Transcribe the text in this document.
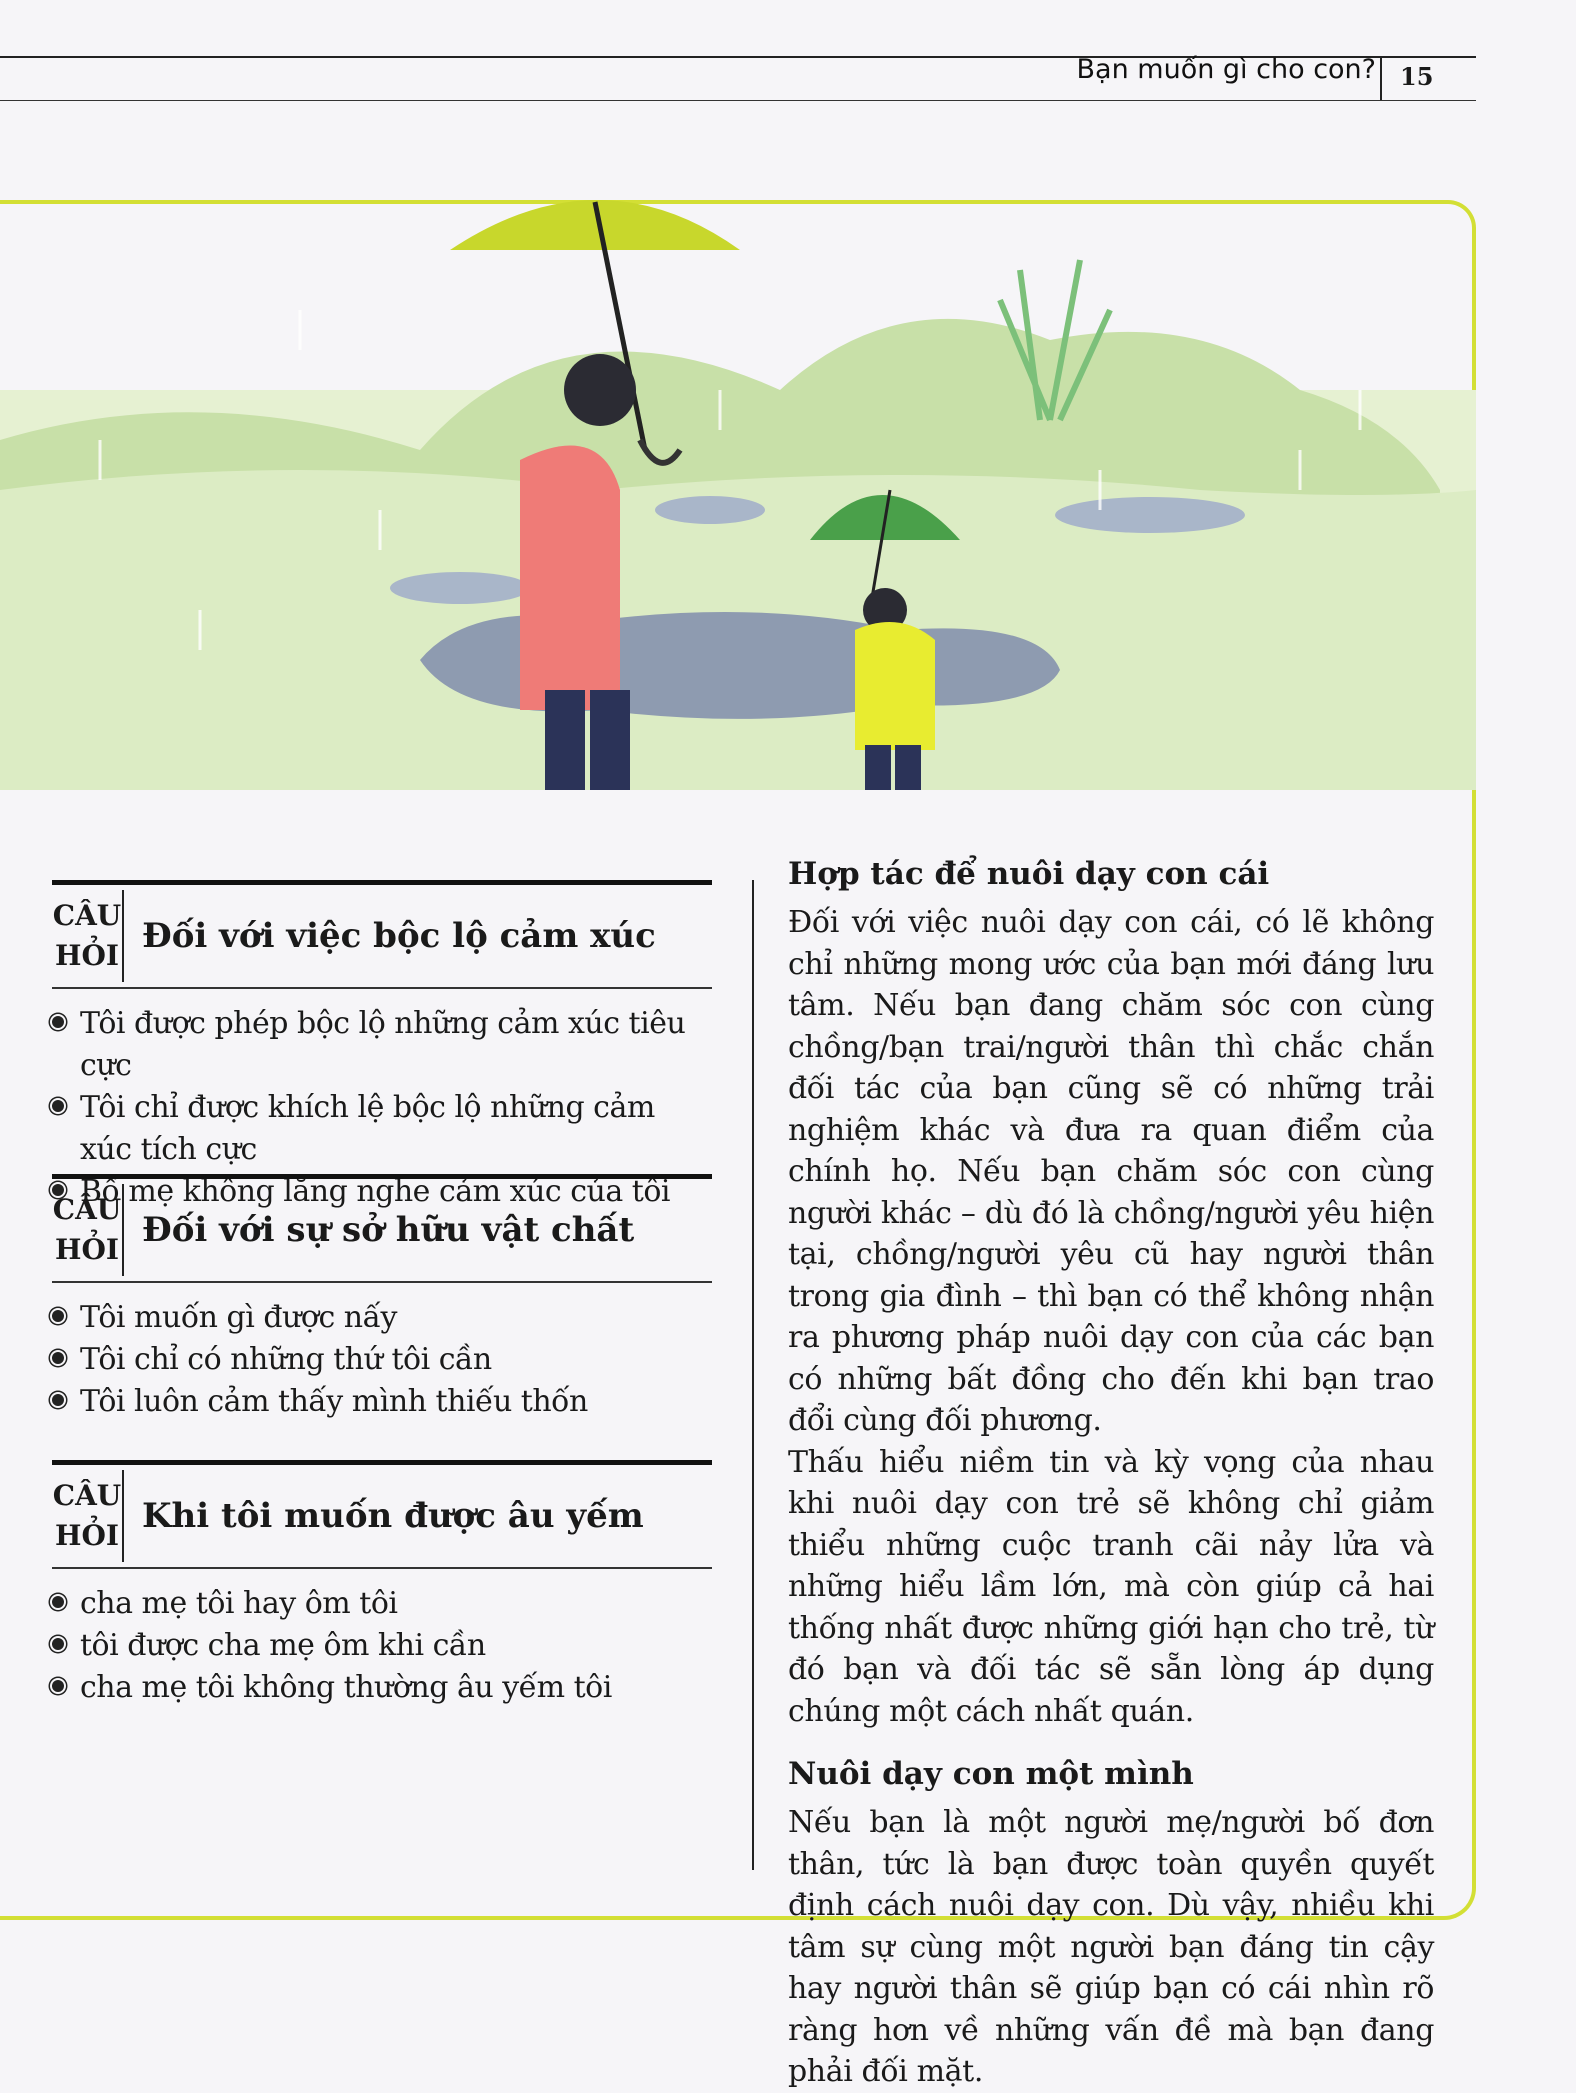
Bạn muốn gì cho con? 15
CÂU
HỎI Đối với việc bộc lộ cảm xúc
Tôi được phép bộc lộ những cảm xúc tiêu cực
Tôi chỉ được khích lệ bộc lộ những cảm xúc tích cực
Bố mẹ không lắng nghe cảm xúc của tôi
CÂU
HỎI Đối với sự sở hữu vật chất
Tôi muốn gì được nấy
Tôi chỉ có những thứ tôi cần
Tôi luôn cảm thấy mình thiếu thốn
CÂU
HỎI Khi tôi muốn được âu yếm
cha mẹ tôi hay ôm tôi
tôi được cha mẹ ôm khi cần
cha mẹ tôi không thường âu yếm tôi
Hợp tác để nuôi dạy con cái

Đối với việc nuôi dạy con cái, có lẽ không chỉ những mong ước của bạn mới đáng lưu tâm. Nếu bạn đang chăm sóc con cùng chồng/bạn trai/người thân thì chắc chắn đối tác của bạn cũng sẽ có những trải nghiệm khác và đưa ra quan điểm của chính họ. Nếu bạn chăm sóc con cùng người khác – dù đó là chồng/người yêu hiện tại, chồng/người yêu cũ hay người thân trong gia đình – thì bạn có thể không nhận ra phương pháp nuôi dạy con của các bạn có những bất đồng cho đến khi bạn trao đổi cùng đối phương.

Thấu hiểu niềm tin và kỳ vọng của nhau khi nuôi dạy con trẻ sẽ không chỉ giảm thiểu những cuộc tranh cãi nảy lửa và những hiểu lầm lớn, mà còn giúp cả hai thống nhất được những giới hạn cho trẻ, từ đó bạn và đối tác sẽ sẵn lòng áp dụng chúng một cách nhất quán.

Nuôi dạy con một mình

Nếu bạn là một người mẹ/người bố đơn thân, tức là bạn được toàn quyền quyết định cách nuôi dạy con. Dù vậy, nhiều khi tâm sự cùng một người bạn đáng tin cậy hay người thân sẽ giúp bạn có cái nhìn rõ ràng hơn về những vấn đề mà bạn đang phải đối mặt.
